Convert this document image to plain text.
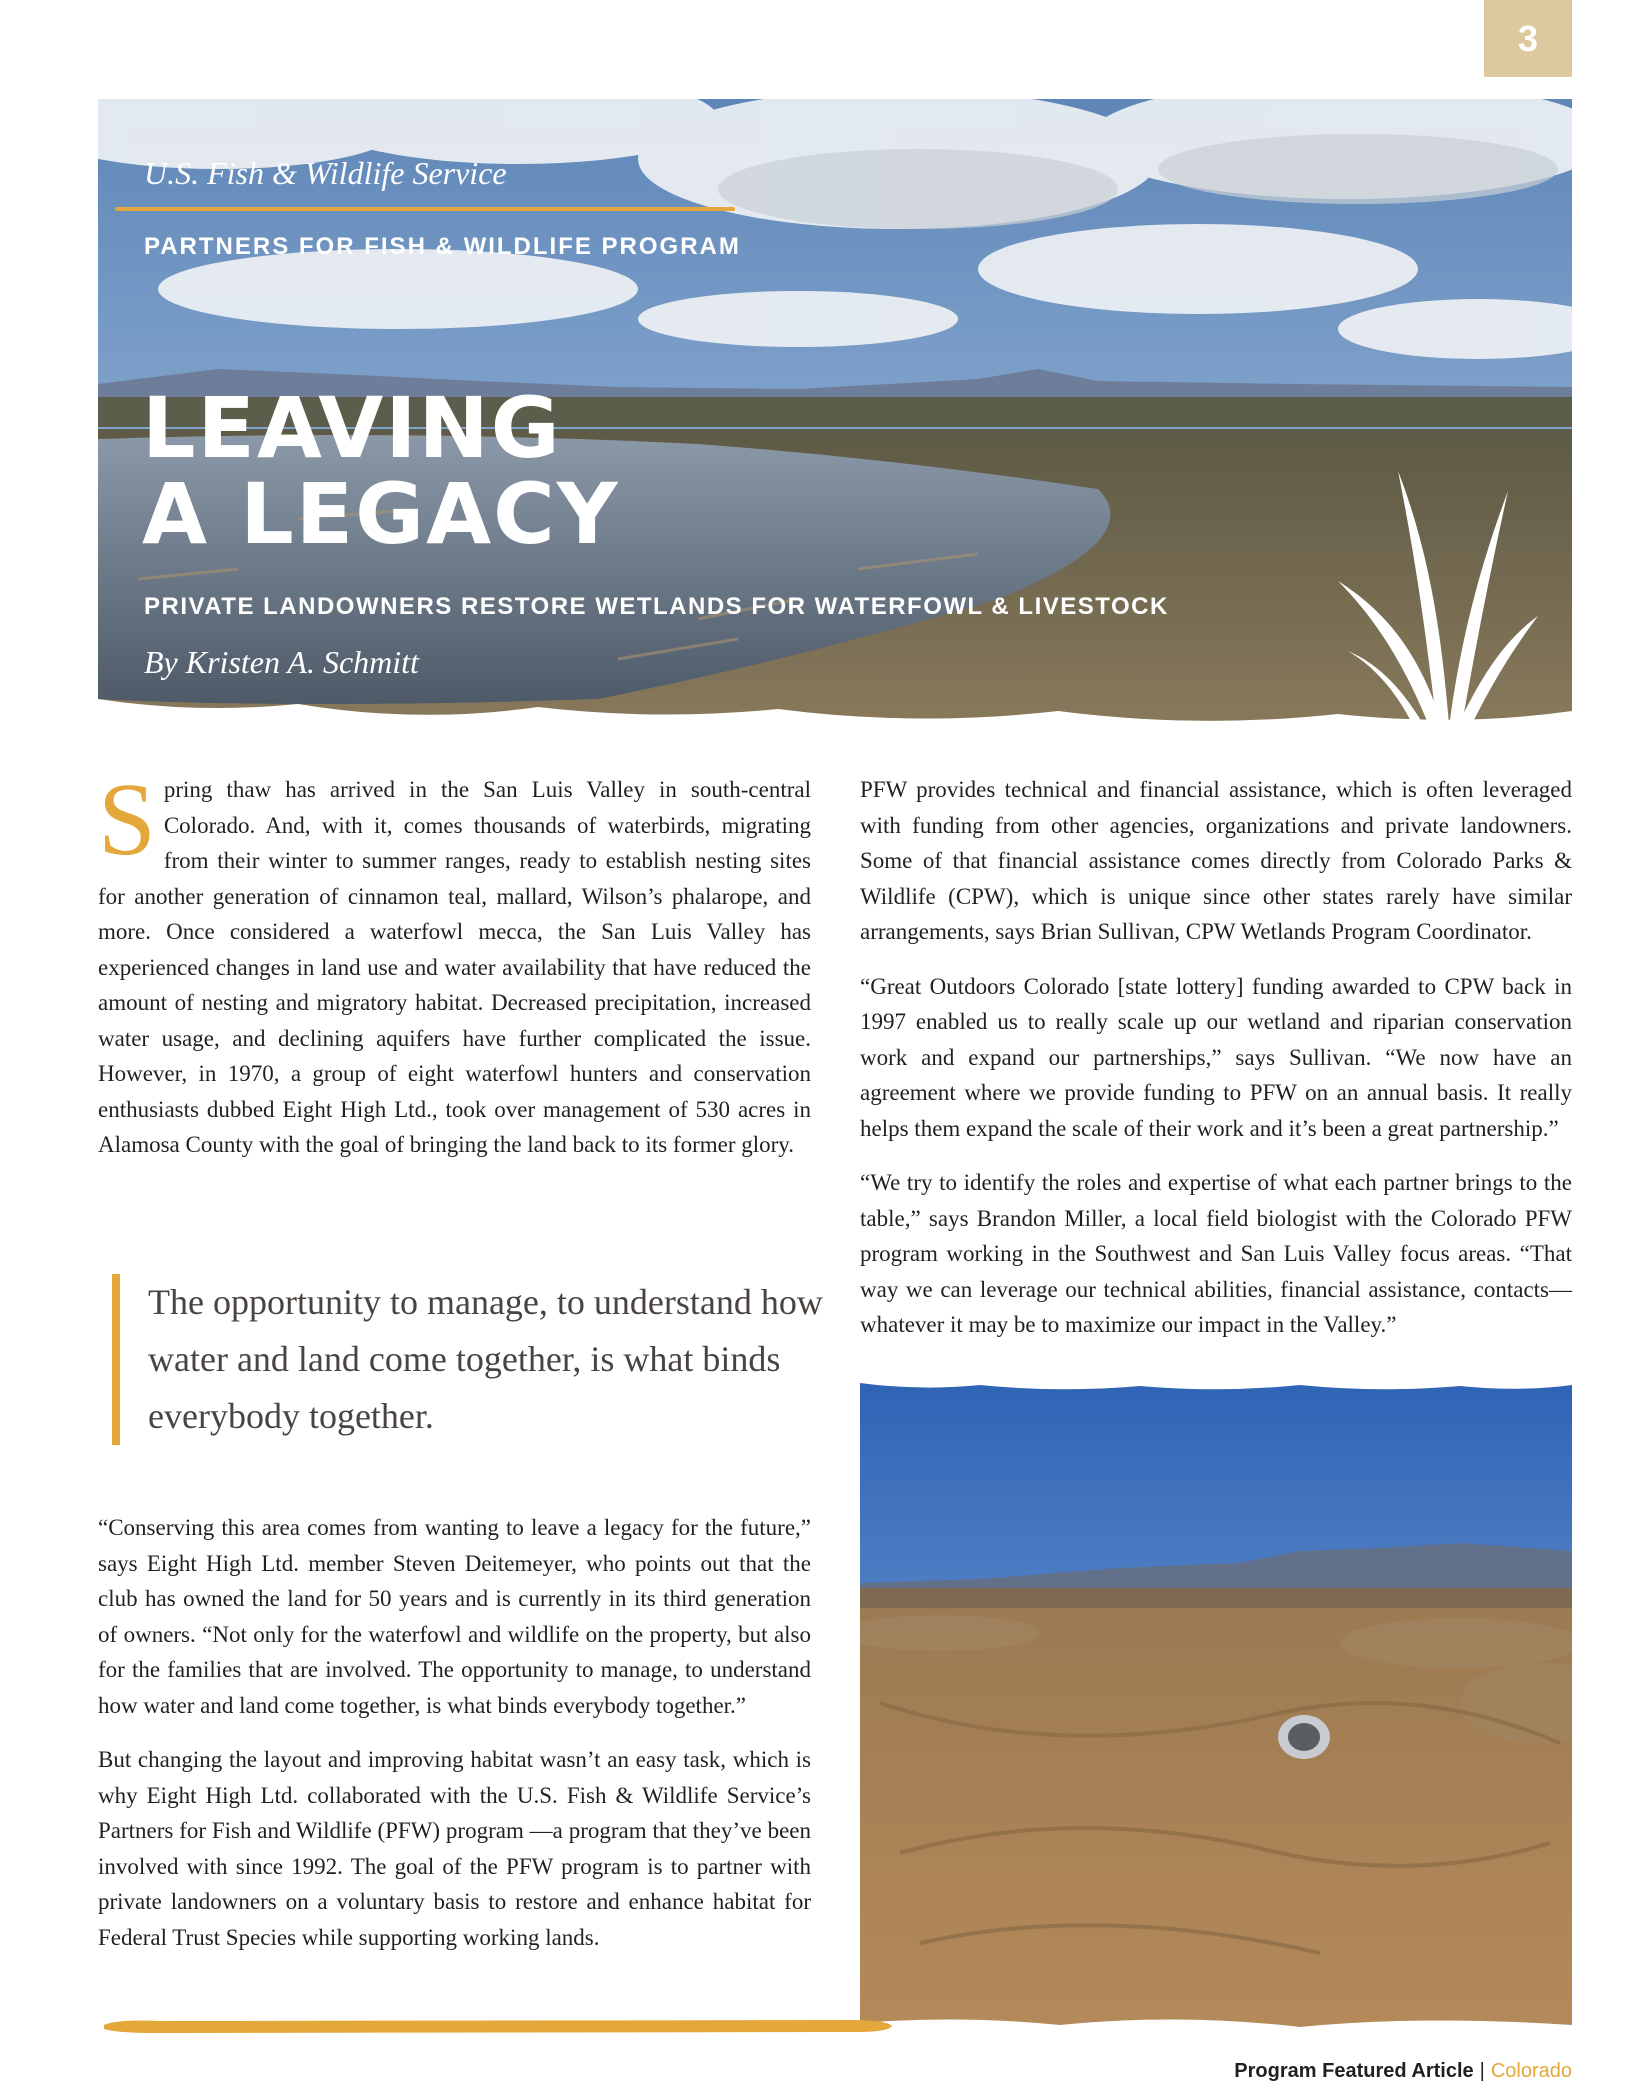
3
U.S. Fish & Wildlife Service
PARTNERS FOR FISH & WILDLIFE PROGRAM
LEAVING
A LEGACY
PRIVATE LANDOWNERS RESTORE WETLANDS FOR WATERFOWL & LIVESTOCK
By Kristen A. Schmitt
Spring thaw has arrived in the San Luis Valley in south-central Colorado. And, with it, comes thousands of waterbirds, migrating from their winter to summer ranges, ready to establish nesting sites for another generation of cinnamon teal, mallard, Wilson’s phalarope, and more. Once considered a waterfowl mecca, the San Luis Valley has experienced changes in land use and water availability that have reduced the amount of nesting and migratory habitat. Decreased precipitation, increased water usage, and declining aquifers have further complicated the issue. However, in 1970, a group of eight waterfowl hunters and conservation enthusiasts dubbed Eight High Ltd., took over management of 530 acres in Alamosa County with the goal of bringing the land back to its former glory.
The opportunity to manage, to understand how water and land come together, is what binds everybody together.

“Conserving this area comes from wanting to leave a legacy for the future,” says Eight High Ltd. member Steven Deitemeyer, who points out that the club has owned the land for 50 years and is currently in its third generation of owners. “Not only for the waterfowl and wildlife on the property, but also for the families that are involved. The opportunity to manage, to understand how water and land come together, is what binds everybody together.”

But changing the layout and improving habitat wasn’t an easy task, which is why Eight High Ltd. collaborated with the U.S. Fish & Wildlife Service’s Partners for Fish and Wildlife (PFW) program —a program that they’ve been involved with since 1992. The goal of the PFW program is to partner with private landowners on a voluntary basis to restore and enhance habitat for Federal Trust Species while supporting working lands.

PFW provides technical and financial assistance, which is often leveraged with funding from other agencies, organizations and private landowners. Some of that financial assistance comes directly from Colorado Parks & Wildlife (CPW), which is unique since other states rarely have similar arrangements, says Brian Sullivan, CPW Wetlands Program Coordinator.

“Great Outdoors Colorado [state lottery] funding awarded to CPW back in 1997 enabled us to really scale up our wetland and riparian conservation work and expand our partnerships,” says Sullivan. “We now have an agreement where we provide funding to PFW on an annual basis. It really helps them expand the scale of their work and it’s been a great partnership.”

“We try to identify the roles and expertise of what each partner brings to the table,” says Brandon Miller, a local field biologist with the Colorado PFW program working in the Southwest and San Luis Valley focus areas. “That way we can leverage our technical abilities, financial assistance, contacts—whatever it may be to maximize our impact in the Valley.”

Program Featured Article | Colorado
